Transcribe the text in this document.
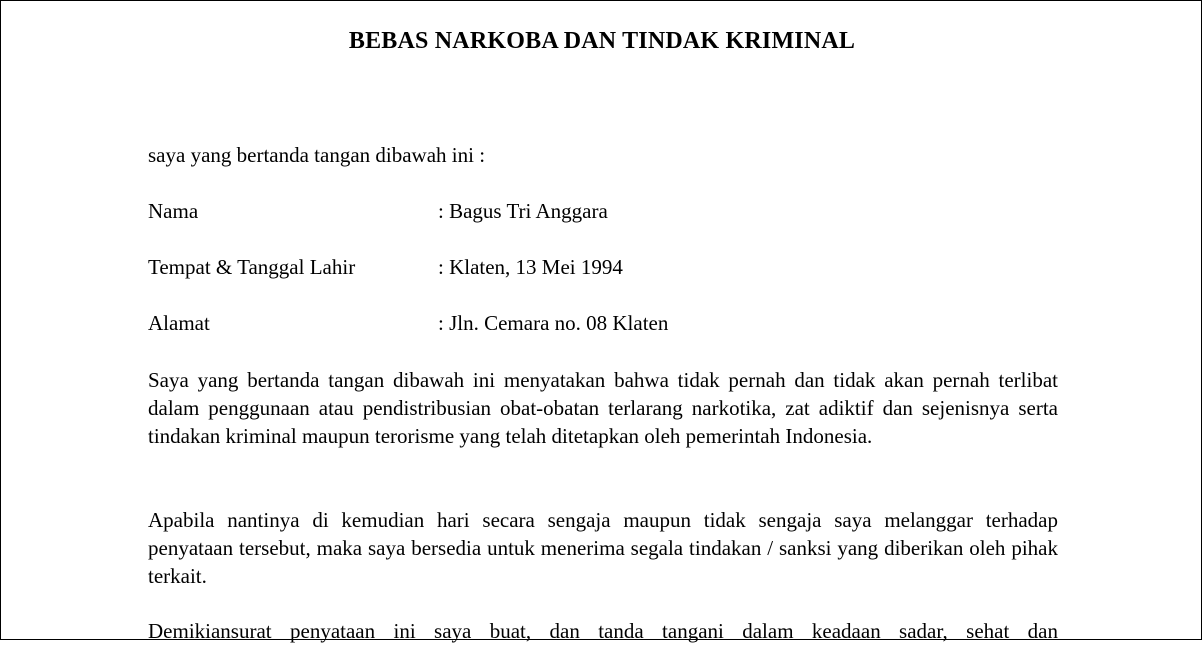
BEBAS NARKOBA DAN TINDAK KRIMINAL
saya yang bertanda tangan dibawah ini :
Nama	: Bagus Tri Anggara
Tempat & Tanggal Lahir	: Klaten, 13 Mei 1994
Alamat	: Jln. Cemara no. 08 Klaten
Saya yang bertanda tangan dibawah ini menyatakan bahwa tidak pernah dan tidak akan pernah terlibat dalam penggunaan atau pendistribusian obat-obatan terlarang narkotika, zat adiktif dan sejenisnya serta tindakan kriminal maupun terorisme yang telah ditetapkan oleh pemerintah Indonesia.
Apabila nantinya di kemudian hari secara sengaja maupun tidak sengaja saya melanggar terhadap penyataan tersebut, maka saya bersedia untuk menerima segala tindakan / sanksi yang diberikan oleh pihak terkait.
Demikiansurat penyataan ini saya buat, dan tanda tangani dalam keadaan sadar, sehat dan
